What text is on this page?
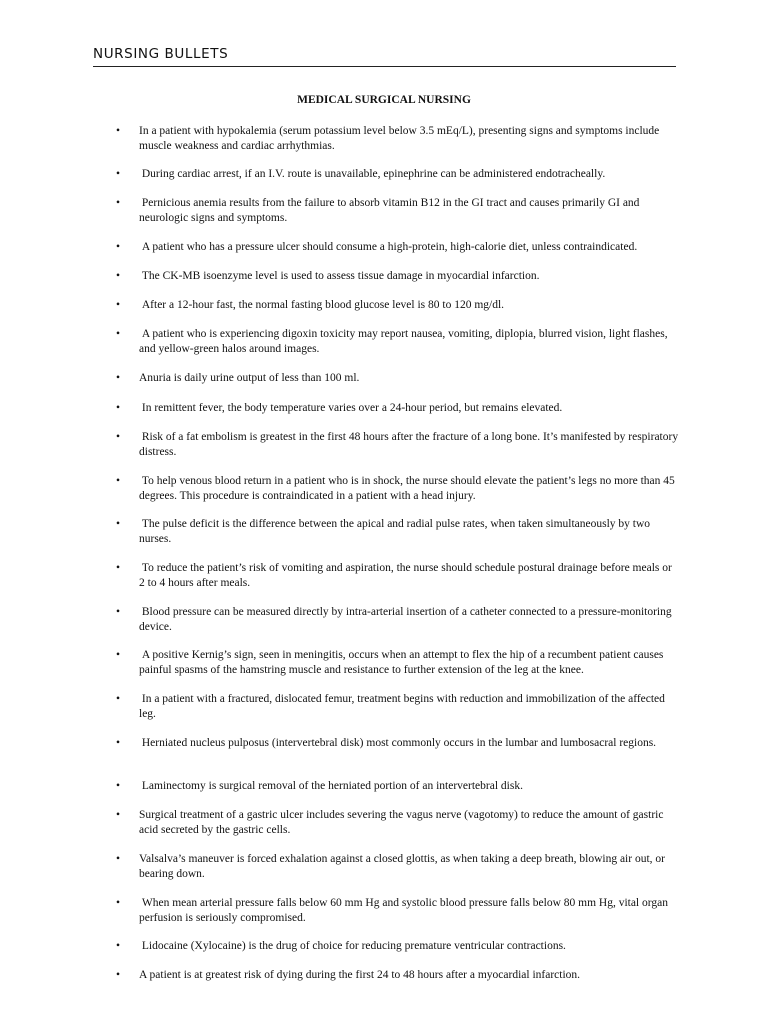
NURSING BULLETS
MEDICAL SURGICAL NURSING
• In a patient with hypokalemia (serum potassium level below 3.5 mEq/L), presenting signs and symptoms include muscle weakness and cardiac arrhythmias.
• During cardiac arrest, if an I.V. route is unavailable, epinephrine can be administered endotracheally.
• Pernicious anemia results from the failure to absorb vitamin B12 in the GI tract and causes primarily GI and neurologic signs and symptoms.
• A patient who has a pressure ulcer should consume a high-protein, high-calorie diet, unless contraindicated.
• The CK-MB isoenzyme level is used to assess tissue damage in myocardial infarction.
• After a 12-hour fast, the normal fasting blood glucose level is 80 to 120 mg/dl.
• A patient who is experiencing digoxin toxicity may report nausea, vomiting, diplopia, blurred vision, light flashes, and yellow-green halos around images.
• Anuria is daily urine output of less than 100 ml.
• In remittent fever, the body temperature varies over a 24-hour period, but remains elevated.
• Risk of a fat embolism is greatest in the first 48 hours after the fracture of a long bone. It’s manifested by respiratory distress.
• To help venous blood return in a patient who is in shock, the nurse should elevate the patient’s legs no more than 45 degrees. This procedure is contraindicated in a patient with a head injury.
• The pulse deficit is the difference between the apical and radial pulse rates, when taken simultaneously by two nurses.
• To reduce the patient’s risk of vomiting and aspiration, the nurse should schedule postural drainage before meals or 2 to 4 hours after meals.
• Blood pressure can be measured directly by intra-arterial insertion of a catheter connected to a pressure-monitoring device.
• A positive Kernig’s sign, seen in meningitis, occurs when an attempt to flex the hip of a recumbent patient causes painful spasms of the hamstring muscle and resistance to further extension of the leg at the knee.
• In a patient with a fractured, dislocated femur, treatment begins with reduction and immobilization of the affected leg.
• Herniated nucleus pulposus (intervertebral disk) most commonly occurs in the lumbar and lumbosacral regions.
• Laminectomy is surgical removal of the herniated portion of an intervertebral disk.
• Surgical treatment of a gastric ulcer includes severing the vagus nerve (vagotomy) to reduce the amount of gastric acid secreted by the gastric cells.
• Valsalva’s maneuver is forced exhalation against a closed glottis, as when taking a deep breath, blowing air out, or bearing down.
• When mean arterial pressure falls below 60 mm Hg and systolic blood pressure falls below 80 mm Hg, vital organ perfusion is seriously compromised.
• Lidocaine (Xylocaine) is the drug of choice for reducing premature ventricular contractions.
• A patient is at greatest risk of dying during the first 24 to 48 hours after a myocardial infarction.
